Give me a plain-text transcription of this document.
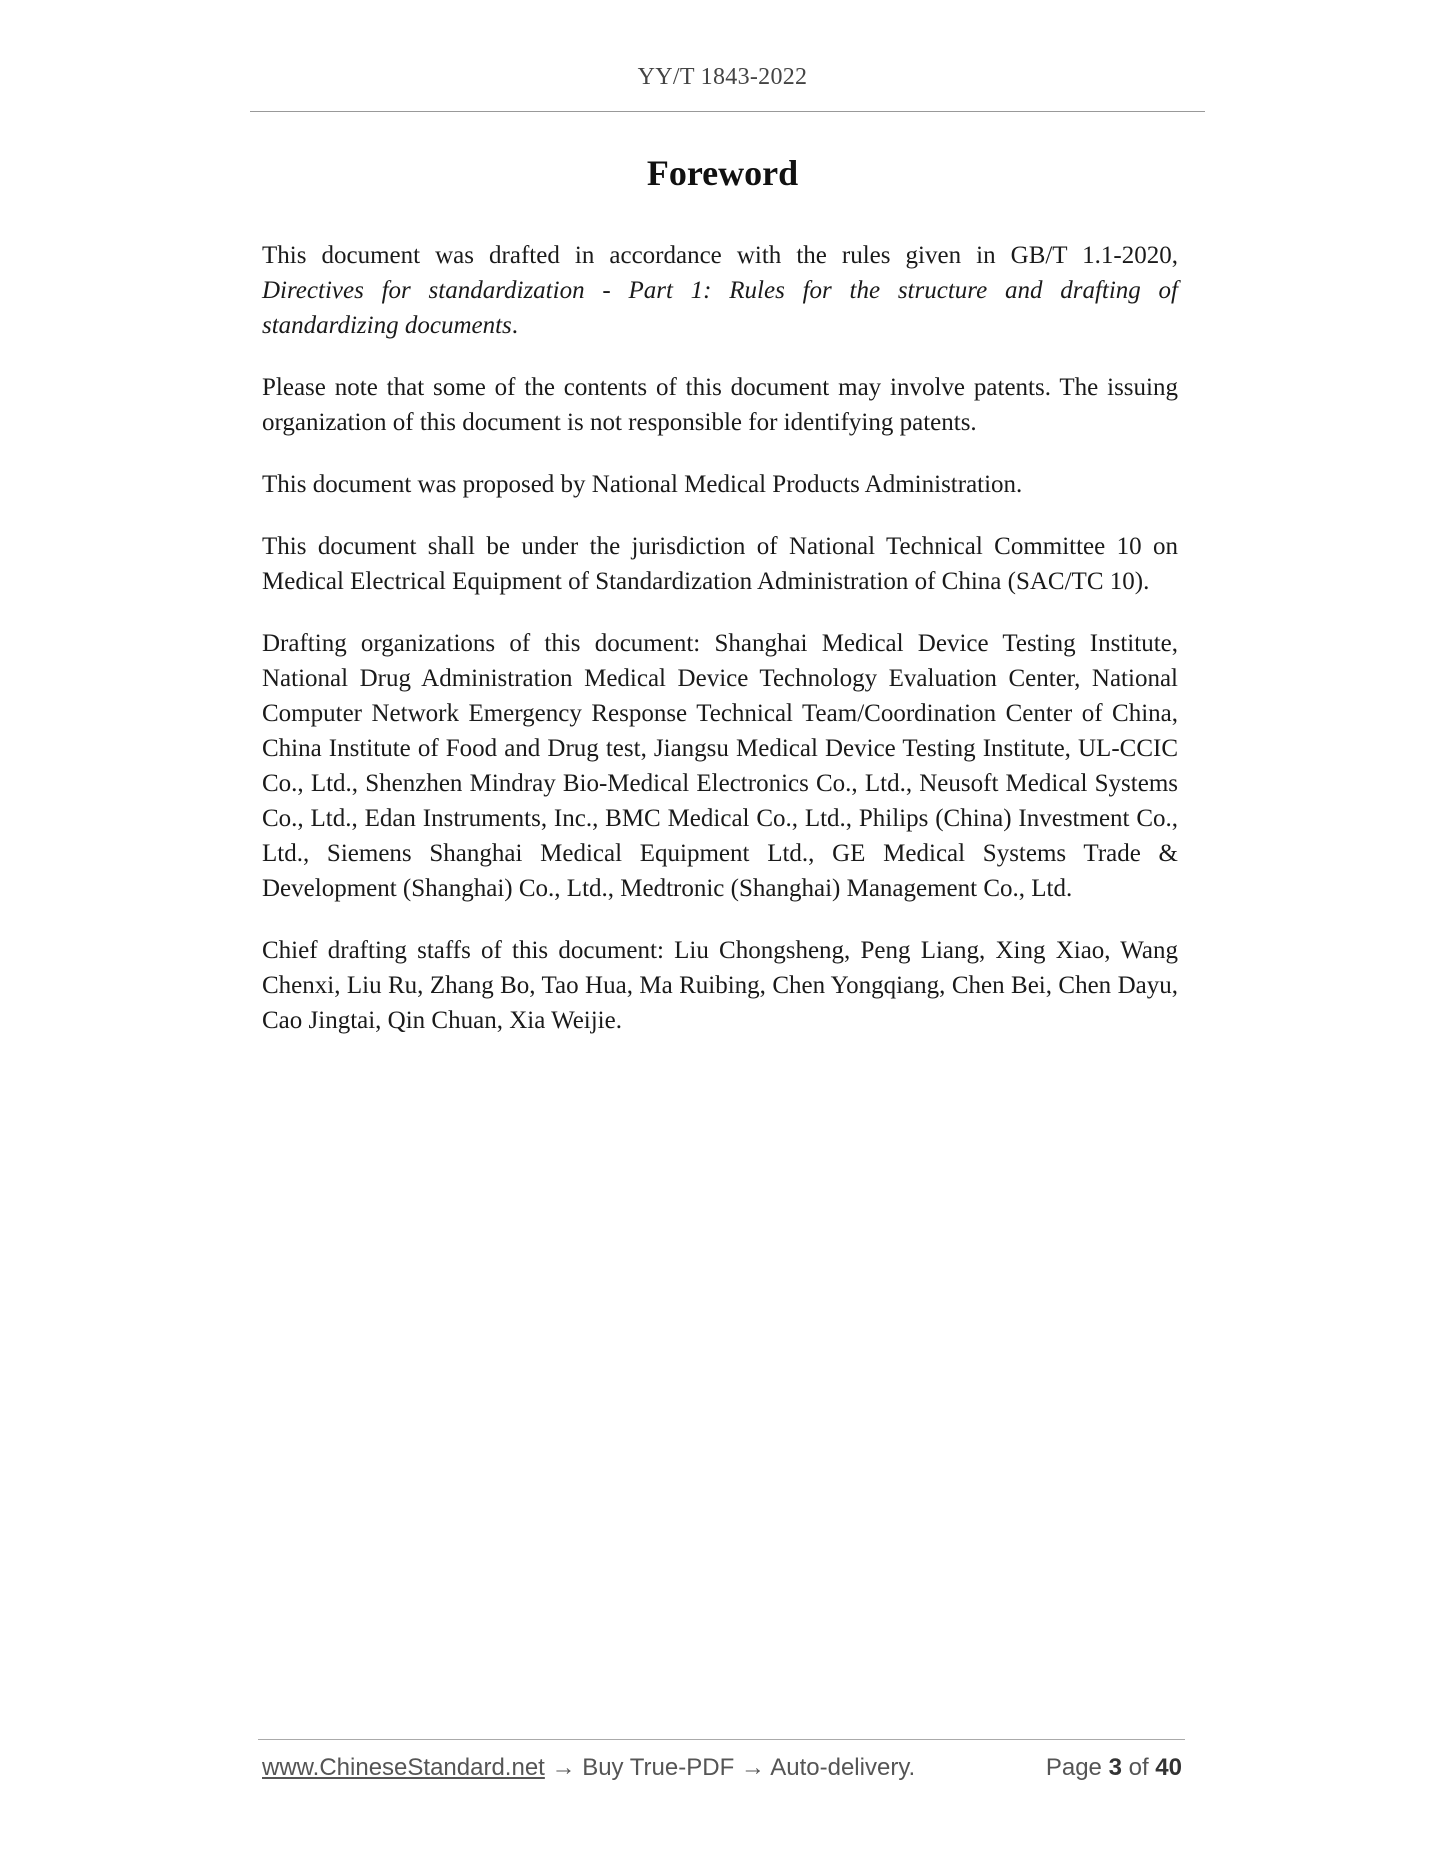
YY/T 1843-2022
Foreword

This document was drafted in accordance with the rules given in GB/T 1.1-2020, Directives for standardization - Part 1: Rules for the structure and drafting of standardizing documents.

Please note that some of the contents of this document may involve patents. The issuing organization of this document is not responsible for identifying patents.

This document was proposed by National Medical Products Administration.

This document shall be under the jurisdiction of National Technical Committee 10 on Medical Electrical Equipment of Standardization Administration of China (SAC/TC 10).

Drafting organizations of this document: Shanghai Medical Device Testing Institute, National Drug Administration Medical Device Technology Evaluation Center, National Computer Network Emergency Response Technical Team/Coordination Center of China, China Institute of Food and Drug test, Jiangsu Medical Device Testing Institute, UL-CCIC Co., Ltd., Shenzhen Mindray Bio-Medical Electronics Co., Ltd., Neusoft Medical Systems Co., Ltd., Edan Instruments, Inc., BMC Medical Co., Ltd., Philips (China) Investment Co., Ltd., Siemens Shanghai Medical Equipment Ltd., GE Medical Systems Trade & Development (Shanghai) Co., Ltd., Medtronic (Shanghai) Management Co., Ltd.

Chief drafting staffs of this document: Liu Chongsheng, Peng Liang, Xing Xiao, Wang Chenxi, Liu Ru, Zhang Bo, Tao Hua, Ma Ruibing, Chen Yongqiang, Chen Bei, Chen Dayu, Cao Jingtai, Qin Chuan, Xia Weijie.

www.ChineseStandard.net → Buy True-PDF → Auto-delivery.	Page 3 of 40
